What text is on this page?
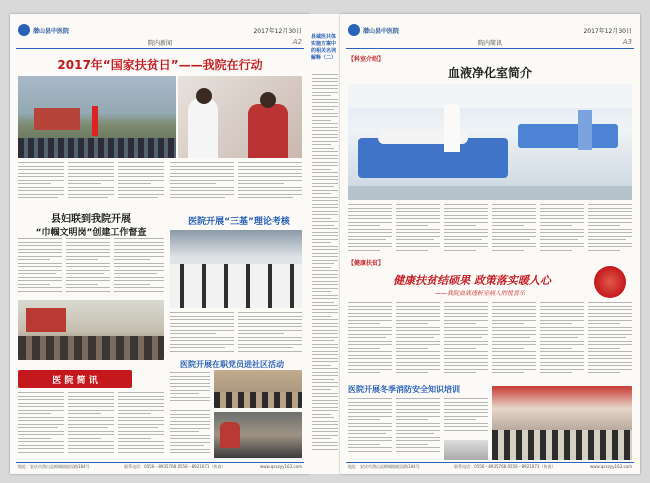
潜山县中医院	2017年12月30日
院内新闻	A2
2017年“国家扶贫日”——我院在行动
县妇联到我院开展
“巾帼文明岗”创建工作督查
医院开展“三基”理论考核
医院开展在职党员进社区活动
医 院 简 讯
地址：安庆市潜山县梅城镇皖国路184号	联系电话：0556－8935768 0556－8921071（传真）	www.qsxzyy163.com
县域医共体实施方案中的相关名词解释（二）
潜山县中医院	2017年12月30日
院内简讯	A3
【科室介绍】
血液净化室简介
【健康扶贫】
健康扶贫结硕果 政策落实暖人心
——我院血液透析室病人的悦喜乐
医院开展冬季消防安全知识培训
地址：安庆市潜山县梅城镇皖国路184号	联系电话：0556－8935768 0556－8921071（传真）	www.qsxzyy163.com
